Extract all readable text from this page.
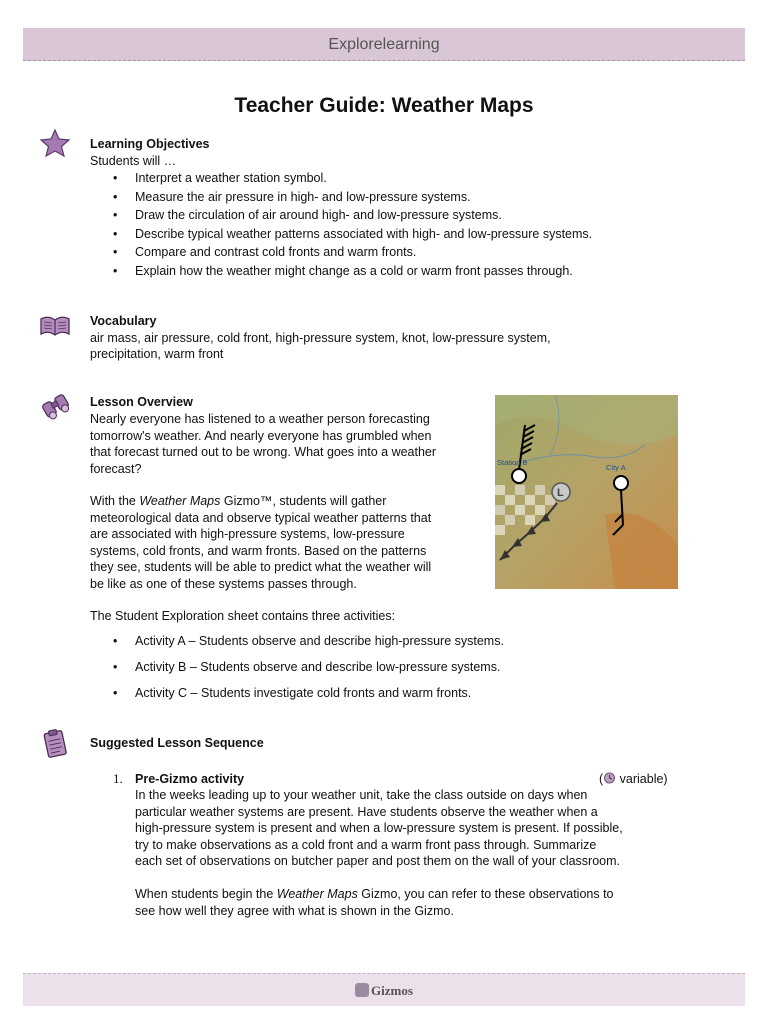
Explorelearning
Teacher Guide: Weather Maps
Learning Objectives
Students will …
• Interpret a weather station symbol.
• Measure the air pressure in high- and low-pressure systems.
• Draw the circulation of air around high- and low-pressure systems.
• Describe typical weather patterns associated with high- and low-pressure systems.
• Compare and contrast cold fronts and warm fronts.
• Explain how the weather might change as a cold or warm front passes through.
Vocabulary
air mass, air pressure, cold front, high-pressure system, knot, low-pressure system,
precipitation, warm front
Lesson Overview
Nearly everyone has listened to a weather person forecasting
tomorrow's weather. And nearly everyone has grumbled when
that forecast turned out to be wrong. What goes into a weather
forecast?
With the Weather Maps Gizmo™, students will gather
meteorological data and observe typical weather patterns that
are associated with high-pressure systems, low-pressure
systems, cold fronts, and warm fronts. Based on the patterns
they see, students will be able to predict what the weather will
be like as one of these systems passes through.
Station B
L
City A
The Student Exploration sheet contains three activities:
• Activity A – Students observe and describe high-pressure systems.
• Activity B – Students observe and describe low-pressure systems.
• Activity C – Students investigate cold fronts and warm fronts.
Suggested Lesson Sequence
1. Pre-Gizmo activity	( variable)
In the weeks leading up to your weather unit, take the class outside on days when
particular weather systems are present. Have students observe the weather when a
high-pressure system is present and when a low-pressure system is present. If possible,
try to make observations as a cold front and a warm front pass through. Summarize
each set of observations on butcher paper and post them on the wall of your classroom.
When students begin the Weather Maps Gizmo, you can refer to these observations to
see how well they agree with what is shown in the Gizmo.
Gizmos
